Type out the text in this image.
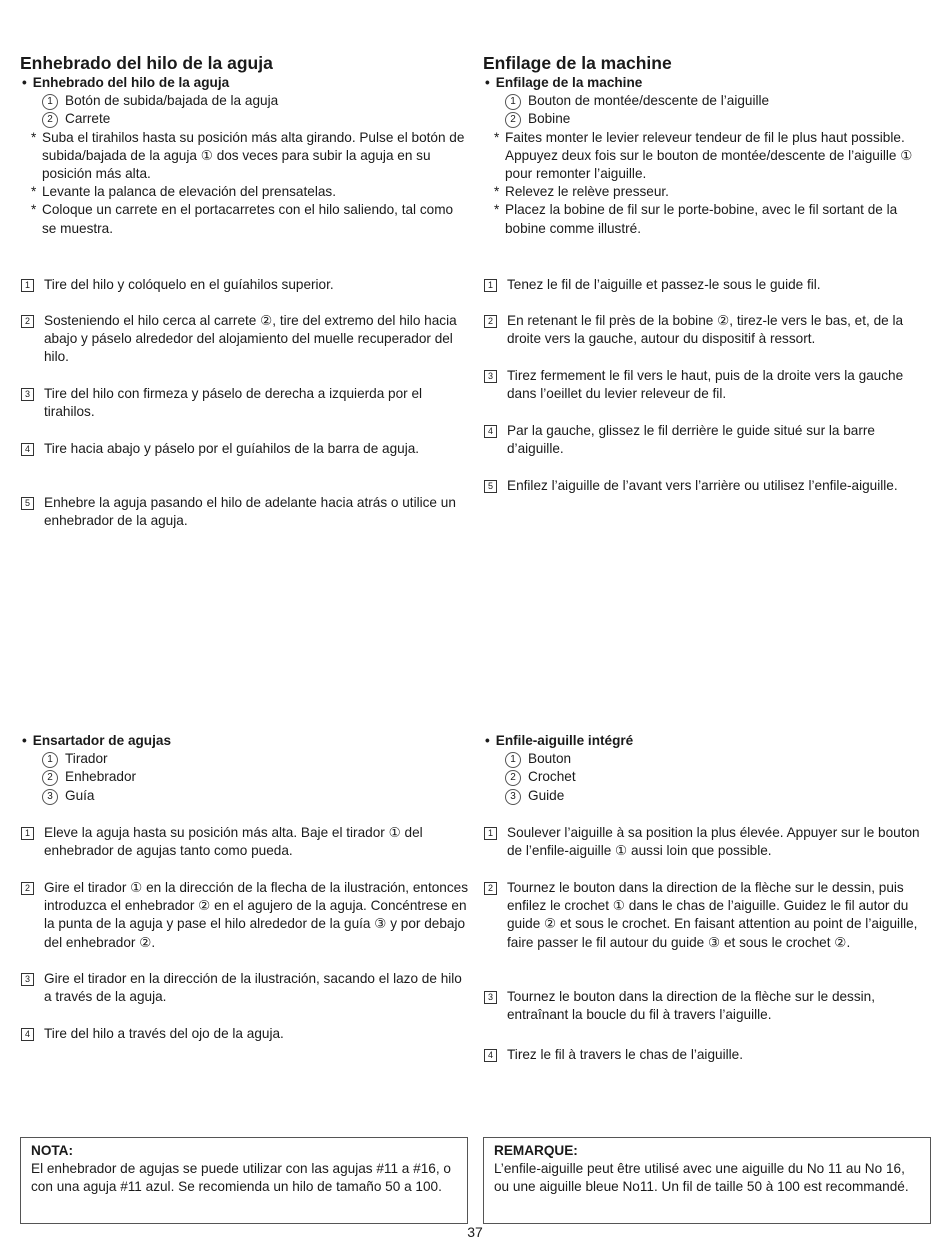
Enhebrado del hilo de la aguja
• Enhebrado del hilo de la aguja
1 Botón de subida/bajada de la aguja
2 Carrete
* Suba el tirahilos hasta su posición más alta girando. Pulse el botón de subida/bajada de la aguja ① dos veces para subir la aguja en su posición más alta.
* Levante la palanca de elevación del prensatelas.
* Coloque un carrete en el portacarretes con el hilo saliendo, tal como se muestra.
1 Tire del hilo y colóquelo en el guíahilos superior.
2 Sosteniendo el hilo cerca al carrete ②, tire del extremo del hilo hacia abajo y páselo alrededor del alojamiento del muelle recuperador del hilo.
3 Tire del hilo con firmeza y páselo de derecha a izquierda por el tirahilos.
4 Tire hacia abajo y páselo por el guíahilos de la barra de aguja.
5 Enhebre la aguja pasando el hilo de adelante hacia atrás o utilice un enhebrador de la aguja.
• Ensartador de agujas
1 Tirador
2 Enhebrador
3 Guía
1 Eleve la aguja hasta su posición más alta. Baje el tirador ① del enhebrador de agujas tanto como pueda.
2 Gire el tirador ① en la dirección de la flecha de la ilustración, entonces introduzca el enhebrador ② en el agujero de la aguja. Concéntrese en la punta de la aguja y pase el hilo alrededor de la guía ③ y por debajo del enhebrador ②.
3 Gire el tirador en la dirección de la ilustración, sacando el lazo de hilo a través de la aguja.
4 Tire del hilo a través del ojo de la aguja.
NOTA:
El enhebrador de agujas se puede utilizar con las agujas #11 a #16, o con una aguja #11 azul. Se recomienda un hilo de tamaño 50 a 100.
Enfilage de la machine
• Enfilage de la machine
1 Bouton de montée/descente de l’aiguille
2 Bobine
* Faites monter le levier releveur tendeur de fil le plus haut possible. Appuyez deux fois sur le bouton de montée/descente de l’aiguille ① pour remonter l’aiguille.
* Relevez le relève presseur.
* Placez la bobine de fil sur le porte-bobine, avec le fil sortant de la bobine comme illustré.
1 Tenez le fil de l’aiguille et passez-le sous le guide fil.
2 En retenant le fil près de la bobine ②, tirez-le vers le bas, et, de la droite vers la gauche, autour du dispositif à ressort.
3 Tirez fermement le fil vers le haut, puis de la droite vers la gauche dans l’oeillet du levier releveur de fil.
4 Par la gauche, glissez le fil derrière le guide situé sur la barre d’aiguille.
5 Enfilez l’aiguille de l’avant vers l’arrière ou utilisez l’enfile-aiguille.
• Enfile-aiguille intégré
1 Bouton
2 Crochet
3 Guide
1 Soulever l’aiguille à sa position la plus élevée. Appuyer sur le bouton de l’enfile-aiguille ① aussi loin que possible.
2 Tournez le bouton dans la direction de la flèche sur le dessin, puis enfilez le crochet ① dans le chas de l’aiguille. Guidez le fil autor du guide ② et sous le crochet. En faisant attention au point de l’aiguille, faire passer le fil autour du guide ③ et sous le crochet ②.
3 Tournez le bouton dans la direction de la flèche sur le dessin, entraînant la boucle du fil à travers l’aiguille.
4 Tirez le fil à travers le chas de l’aiguille.
REMARQUE:
L’enfile-aiguille peut être utilisé avec une aiguille du No 11 au No 16, ou une aiguille bleue No11. Un fil de taille 50 à 100 est recommandé.
37
